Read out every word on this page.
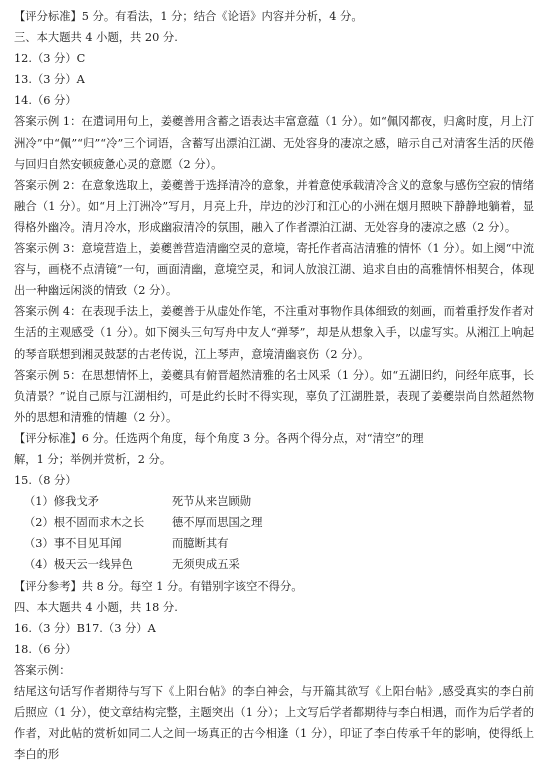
【评分标准】5 分。有看法，1 分；结合《论语》内容并分析，4 分。
三、本大题共 4 小题，共 20 分.
12.（3 分）C
13.（3 分）A
14.（6 分）

答案示例 1：在遣词用句上，姜夔善用含蓄之语表达丰富意蕴（1 分）。如“佩冈都夜，归禽时度，月上汀洲冷”中“佩”“归”“冷”三个词语，含蓄写出漂泊江湖、无处容身的凄凉之感，暗示自己对清客生活的厌倦与回归自然安顿疲惫心灵的意愿（2 分）。

答案示例 2：在意象选取上，姜夔善于选择清冷的意象，并着意使承载清冷含义的意象与感伤空寂的情绪融合（1 分）。如“月上汀洲冷”写月，月亮上升，岸边的沙汀和江心的小洲在烟月照映下静静地躺着，显得格外幽冷。清月冷水，形成幽寂清冷的氛围，融入了作者漂泊江湖、无处容身的凄凉之感（2 分）。

答案示例 3：意境营造上，姜夔善营造清幽空灵的意境，寄托作者高洁清雅的情怀（1 分）。如上阕“中流容与，画桡不点清镜”一句，画面清幽，意境空灵，和词人放浪江湖、追求自由的高雅情怀相契合，体现出一种幽远闲淡的情致（2 分）。

答案示例 4：在表现手法上，姜夔善于从虚处作笔，不注重对事物作具体细致的刻画，而着重抒发作者对生活的主观感受（1 分）。如下阕头三句写舟中友人“弹琴”，却是从想象入手，以虚写实。从湘江上响起的琴音联想到湘灵鼓瑟的古老传说，江上琴声，意境清幽哀伤（2 分）。

答案示例 5：在思想情怀上，姜夔具有俯晋超然清雅的名士风采（1 分）。如“五湖旧约，问经年底事，长负清景？”说自己原与江湖相约，可是此约长时不得实现，辜负了江湖胜景，表现了姜夔崇尚自然超然物外的思想和清雅的情趣（2 分）。

【评分标准】6 分。任选两个角度，每个角度 3 分。各两个得分点，对“清空”的理
解，1 分；举例并赏析，2 分。
15.（8 分）
（1）修我戈矛	死节从来岂顾勋
（2）根不固而求木之长	德不厚而思国之理
（3）事不目见耳闻	而臆断其有
（4）极天云一线异色	无须臾成五采
【评分参考】共 8 分。每空 1 分。有错别字该空不得分。
四、本大题共 4 小题，共 18 分.
16.（3 分）B17.（3 分）A
18.（6 分）
答案示例：

结尾这句话写作者期待与写下《上阳台帖》的李白神会，与开篇其欲写《上阳台帖》,感受真实的李白前后照应（1 分），使文章结构完整，主题突出（1 分）；上文写后学者都期待与李白相遇，而作为后学者的作者，对此帖的赏析如同二人之间一场真正的古今相逢（1 分），印证了李白传承千年的影响，使得纸上李白的形
